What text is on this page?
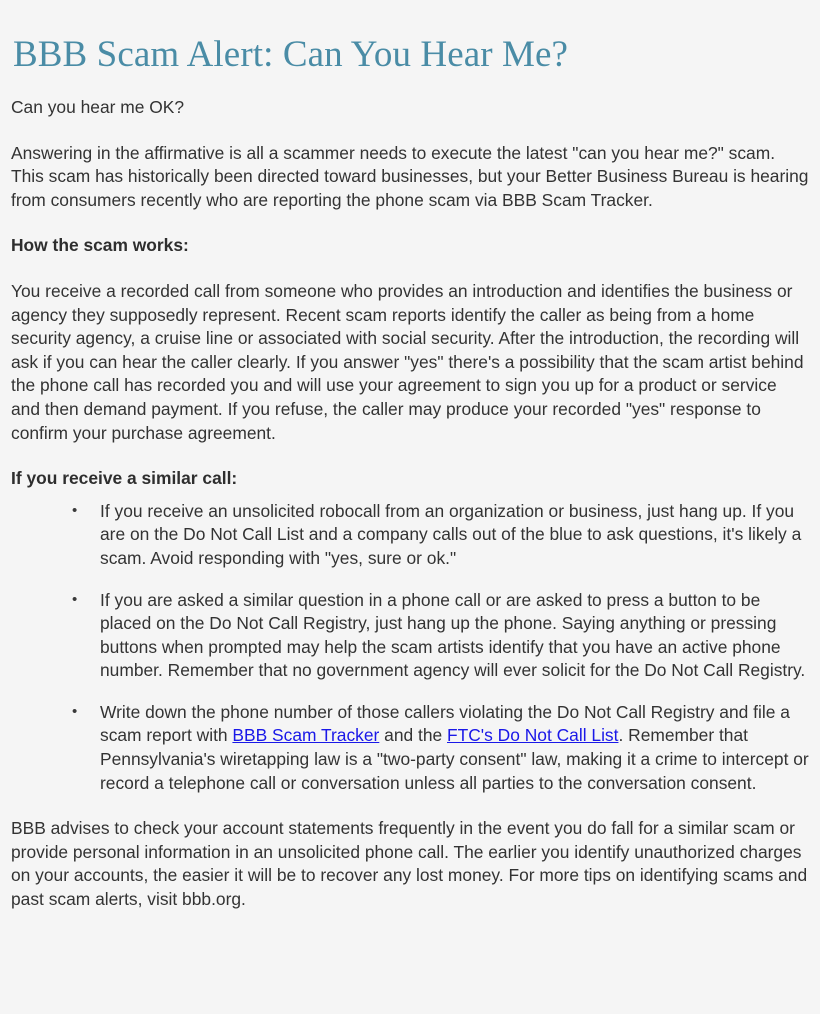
BBB Scam Alert: Can You Hear Me?

Can you hear me OK?

Answering in the affirmative is all a scammer needs to execute the latest "can you hear me?" scam. This scam has historically been directed toward businesses, but your Better Business Bureau is hearing from consumers recently who are reporting the phone scam via BBB Scam Tracker.

How the scam works:

You receive a recorded call from someone who provides an introduction and identifies the business or agency they supposedly represent. Recent scam reports identify the caller as being from a home security agency, a cruise line or associated with social security. After the introduction, the recording will ask if you can hear the caller clearly. If you answer "yes" there's a possibility that the scam artist behind the phone call has recorded you and will use your agreement to sign you up for a product or service and then demand payment. If you refuse, the caller may produce your recorded "yes" response to confirm your purchase agreement.

If you receive a similar call:
• If you receive an unsolicited robocall from an organization or business, just hang up. If you are on the Do Not Call List and a company calls out of the blue to ask questions, it's likely a scam. Avoid responding with "yes, sure or ok."
• If you are asked a similar question in a phone call or are asked to press a button to be placed on the Do Not Call Registry, just hang up the phone. Saying anything or pressing buttons when prompted may help the scam artists identify that you have an active phone number. Remember that no government agency will ever solicit for the Do Not Call Registry.
• Write down the phone number of those callers violating the Do Not Call Registry and file a scam report with BBB Scam Tracker and the FTC's Do Not Call List. Remember that Pennsylvania's wiretapping law is a "two-party consent" law, making it a crime to intercept or record a telephone call or conversation unless all parties to the conversation consent.

BBB advises to check your account statements frequently in the event you do fall for a similar scam or provide personal information in an unsolicited phone call. The earlier you identify unauthorized charges on your accounts, the easier it will be to recover any lost money. For more tips on identifying scams and past scam alerts, visit bbb.org.
